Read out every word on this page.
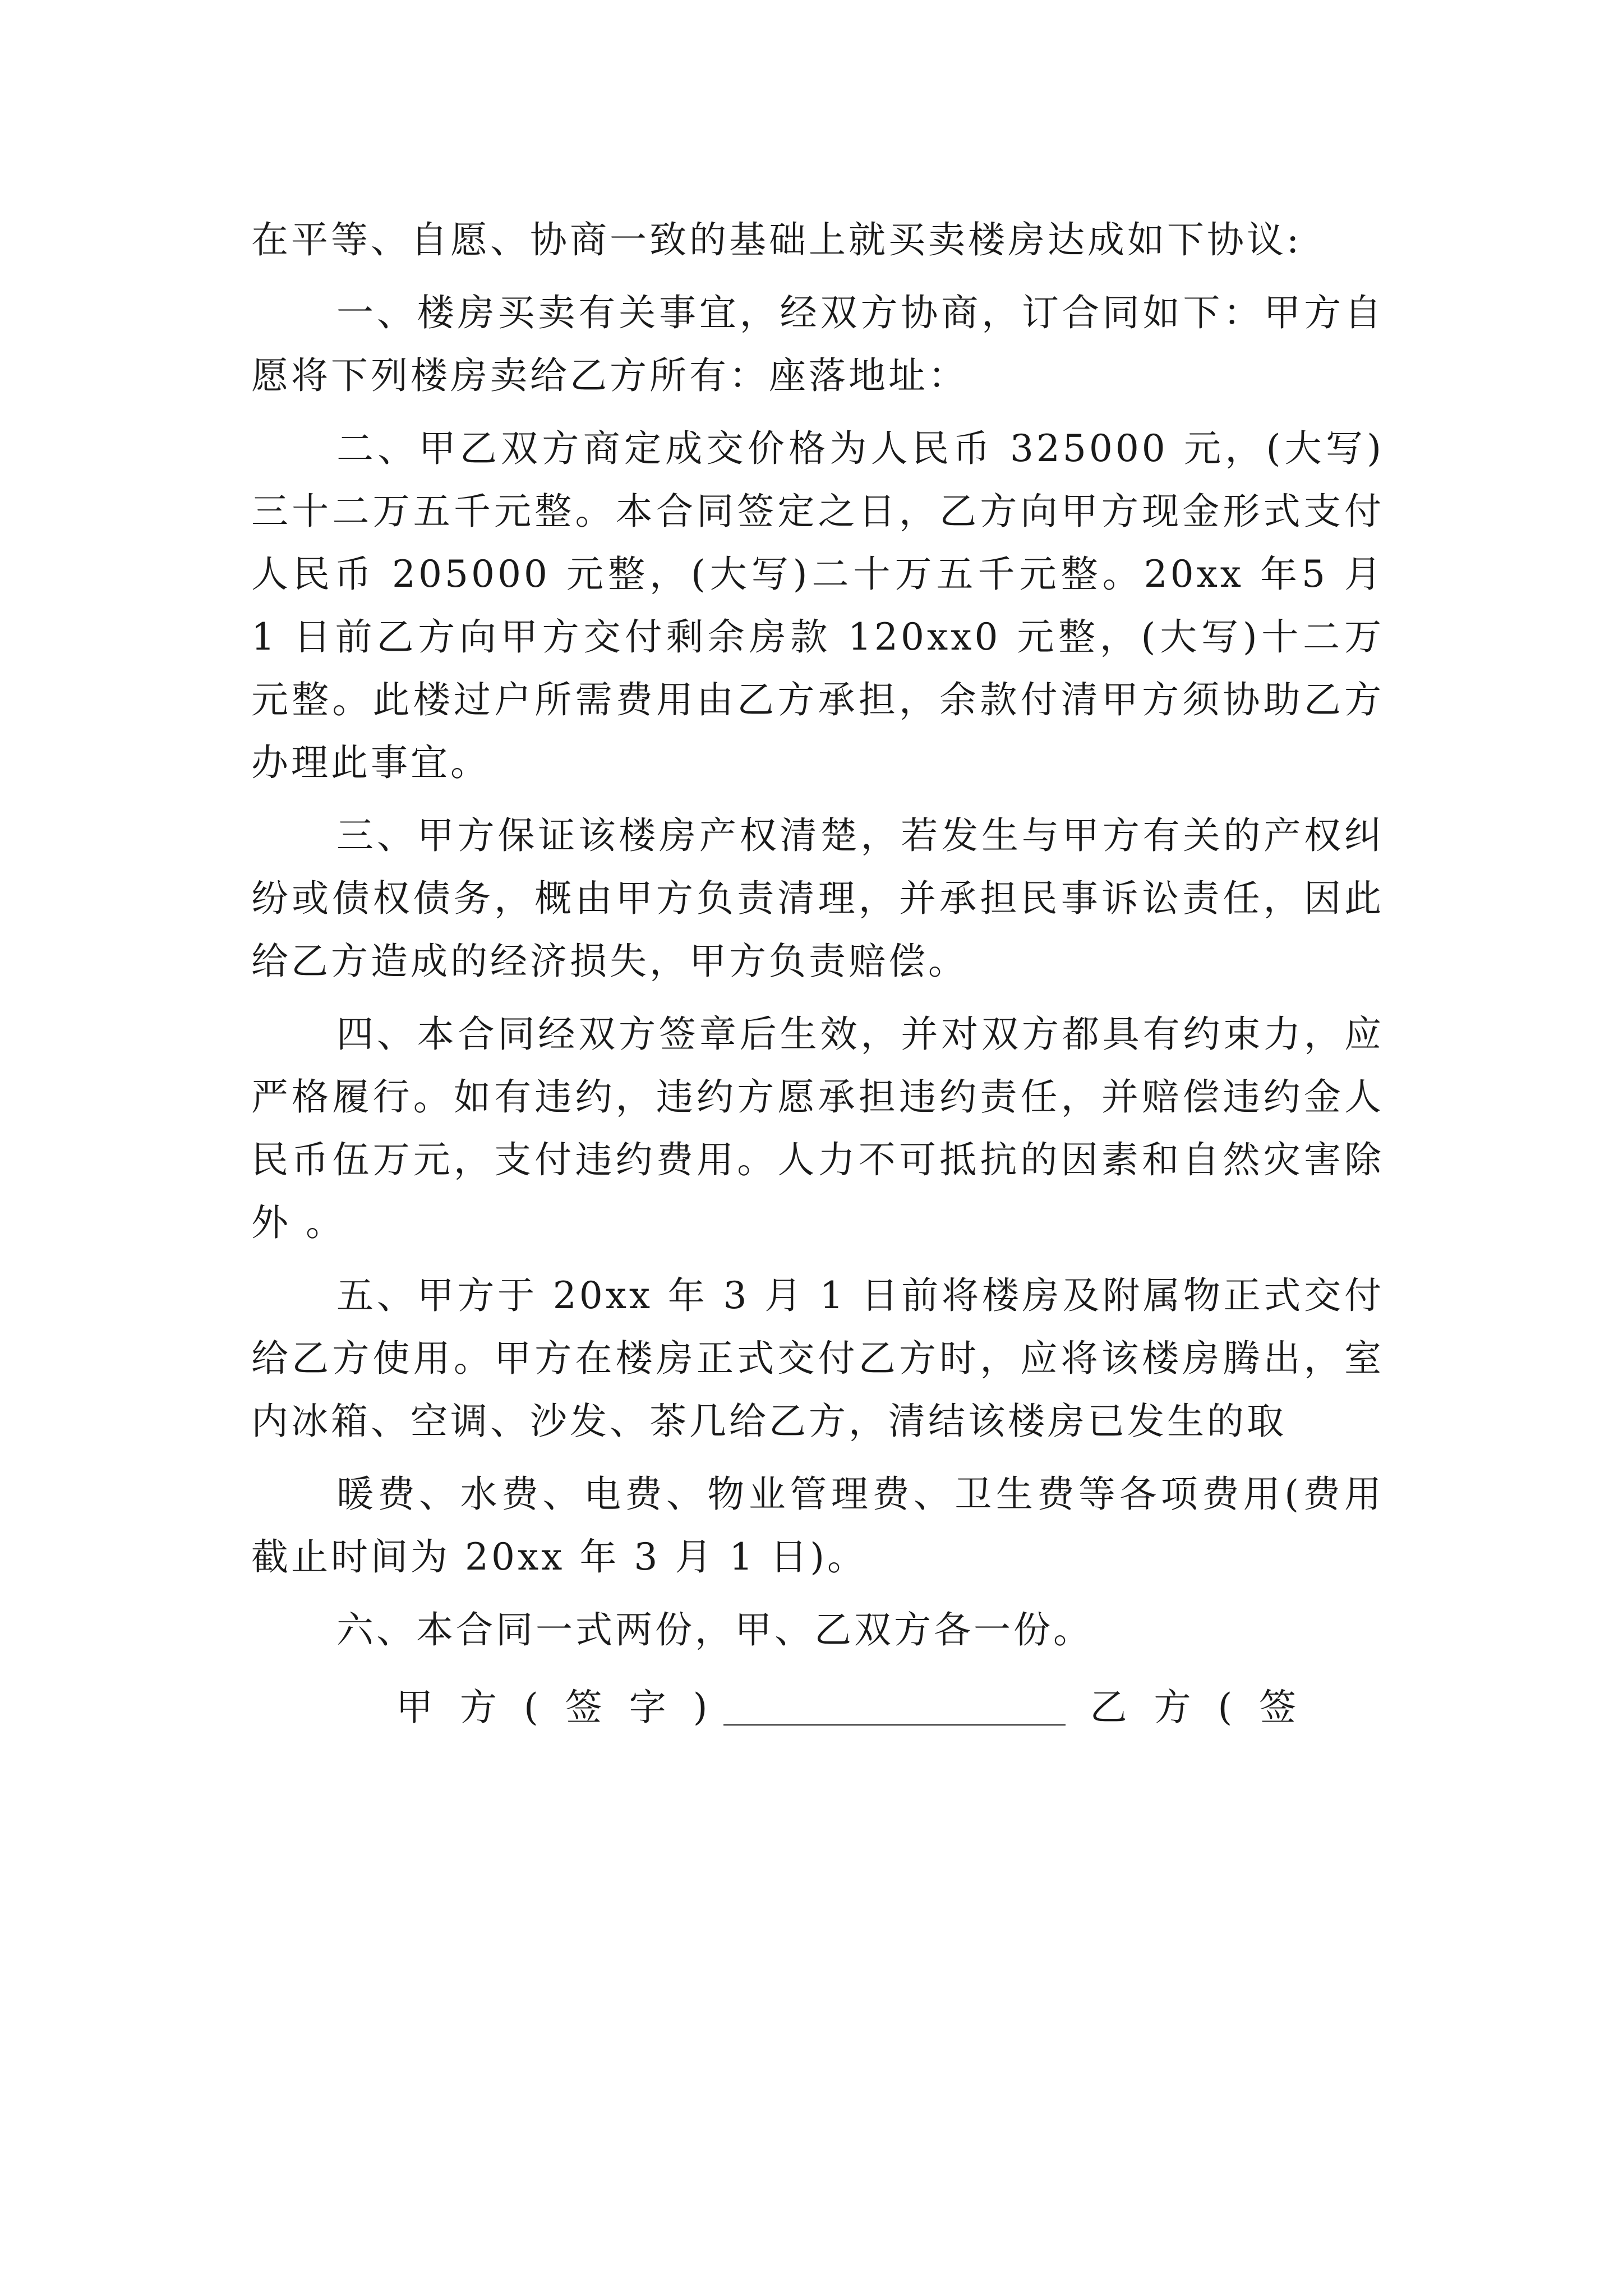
在平等、自愿、协商一致的基础上就买卖楼房达成如下协议:

一、楼房买卖有关事宜，经双方协商，订合同如下：甲方自愿将下列楼房卖给乙方所有：座落地址：

二、甲乙双方商定成交价格为人民币 325000 元，(大写)三十二万五千元整。本合同签定之日，乙方向甲方现金形式支付人民币 205000 元整，(大写)二十万五千元整。20xx 年5 月 1 日前乙方向甲方交付剩余房款 120xx0 元整，(大写)十二万元整。此楼过户所需费用由乙方承担，余款付清甲方须协助乙方办理此事宜。

三、甲方保证该楼房产权清楚，若发生与甲方有关的产权纠纷或债权债务，概由甲方负责清理，并承担民事诉讼责任，因此给乙方造成的经济损失，甲方负责赔偿。

四、本合同经双方签章后生效，并对双方都具有约束力，应严格履行。如有违约，违约方愿承担违约责任，并赔偿违约金人民币伍万元，支付违约费用。人力不可抵抗的因素和自然灾害除外 。

五、甲方于 20xx 年 3 月 1 日前将楼房及附属物正式交付给乙方使用。甲方在楼房正式交付乙方时，应将该楼房腾出，室内冰箱、空调、沙发、茶几给乙方，清结该楼房已发生的取

暖费、水费、电费、物业管理费、卫生费等各项费用(费用截止时间为 20xx 年 3 月 1 日)。

六、本合同一式两份，甲、乙双方各一份。

甲方(签字)	乙方(签
